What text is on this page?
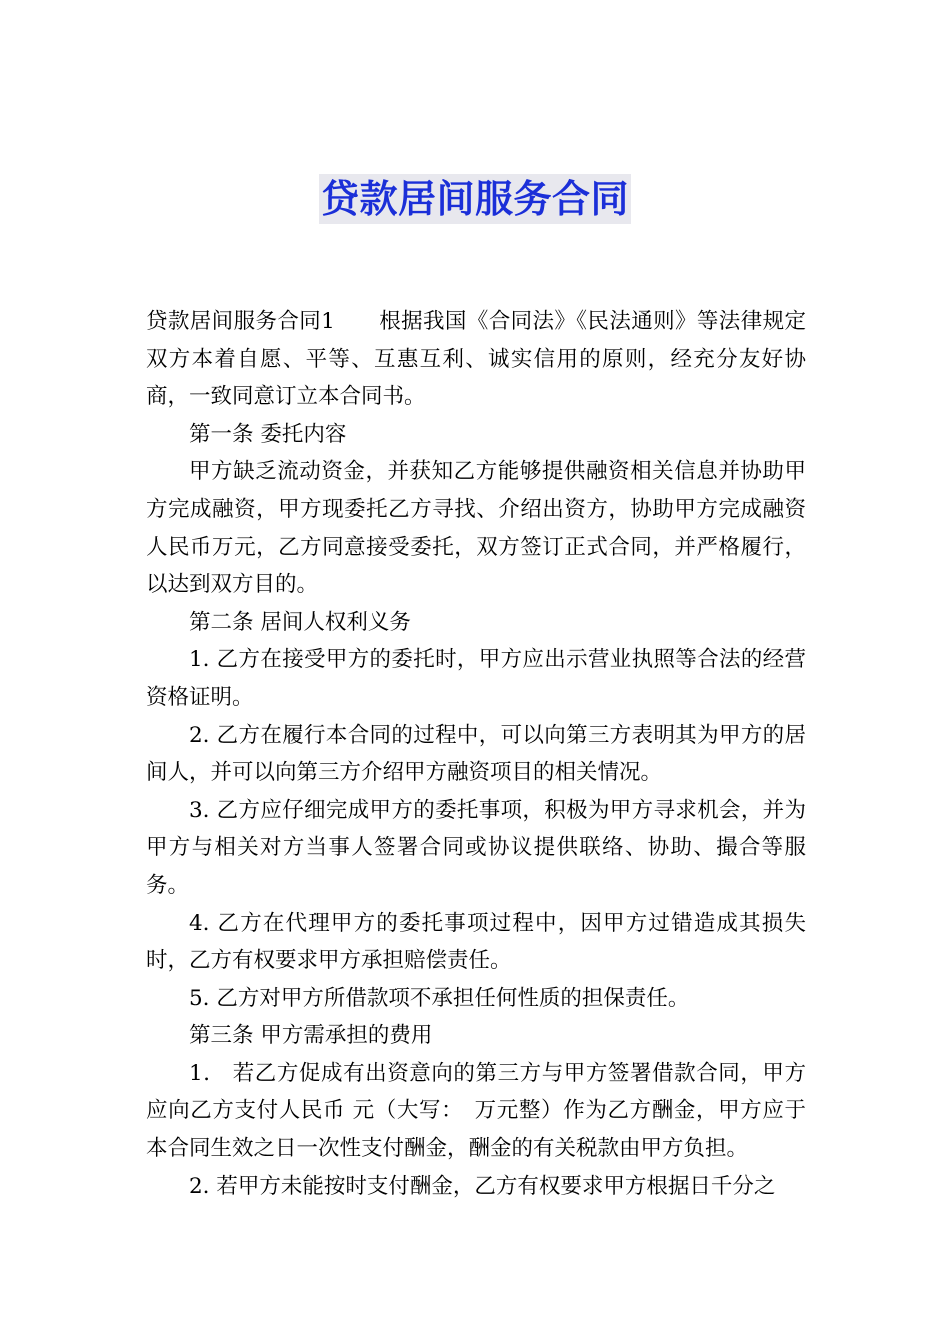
贷款居间服务合同

贷款居间服务合同1 根据我国《合同法》《民法通则》等法律规定双方本着自愿、平等、互惠互利、诚实信用的原则，经充分友好协商，一致同意订立本合同书。

第一条 委托内容

甲方缺乏流动资金，并获知乙方能够提供融资相关信息并协助甲方完成融资，甲方现委托乙方寻找、介绍出资方，协助甲方完成融资人民币万元，乙方同意接受委托，双方签订正式合同，并严格履行，以达到双方目的。

第二条 居间人权利义务

1. 乙方在接受甲方的委托时，甲方应出示营业执照等合法的经营资格证明。

2. 乙方在履行本合同的过程中，可以向第三方表明其为甲方的居间人，并可以向第三方介绍甲方融资项目的相关情况。

3. 乙方应仔细完成甲方的委托事项，积极为甲方寻求机会，并为甲方与相关对方当事人签署合同或协议提供联络、协助、撮合等服务。

4. 乙方在代理甲方的委托事项过程中，因甲方过错造成其损失时，乙方有权要求甲方承担赔偿责任。

5. 乙方对甲方所借款项不承担任何性质的担保责任。

第三条 甲方需承担的费用

1． 若乙方促成有出资意向的第三方与甲方签署借款合同，甲方应向乙方支付人民币 元（大写：　万元整）作为乙方酬金，甲方应于本合同生效之日一次性支付酬金，酬金的有关税款由甲方负担。

2. 若甲方未能按时支付酬金，乙方有权要求甲方根据日千分之
